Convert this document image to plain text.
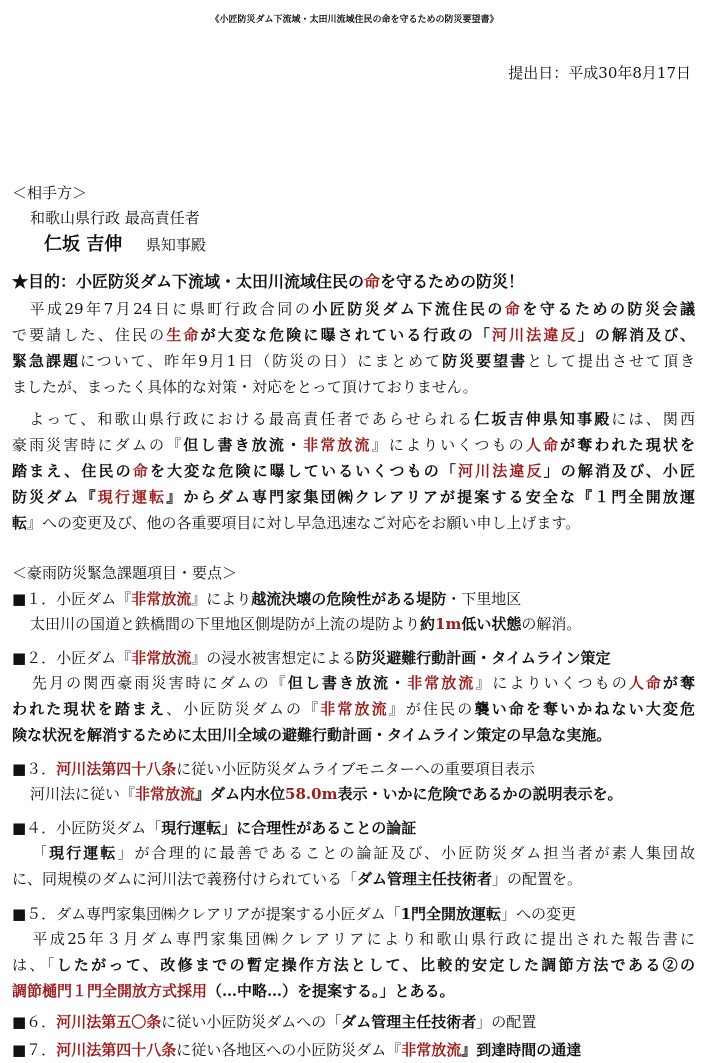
《小匠防災ダム下流域・太田川流域住民の命を守るための防災要望書》
提出日：平成30年8月17日
＜相手方＞
和歌山県行政 最高責任者
仁坂 吉伸 県知事殿
★目的：小匠防災ダム下流域・太田川流域住民の命を守るための防災！
平成29年7月24日に県町行政合同の小匠防災ダム下流住民の命を守るための防災会議
で要請した、住民の生命が大変な危険に曝されている行政の「河川法違反」の解消及び、
緊急課題について、昨年9月1日（防災の日）にまとめて防災要望書として提出させて頂き
ましたが、まったく具体的な対策・対応をとって頂けておりません。
よって、和歌山県行政における最高責任者であらせられる仁坂吉伸県知事殿には、関西
豪雨災害時にダムの『但し書き放流・非常放流』によりいくつもの人命が奪われた現状を
踏まえ、住民の命を大変な危険に曝しているいくつもの「河川法違反」の解消及び、小匠
防災ダム『現行運転』からダム専門家集団㈱クレアリアが提案する安全な『１門全開放運
転』への変更及び、他の各重要項目に対し早急迅速なご対応をお願い申し上げます。
＜豪雨防災緊急課題項目・要点＞
■１．小匠ダム『非常放流』により越流決壊の危険性がある堤防・下里地区
太田川の国道と鉄橋間の下里地区側堤防が上流の堤防より約1m低い状態の解消。
■２．小匠ダム『非常放流』の浸水被害想定による防災避難行動計画・タイムライン策定
先月の関西豪雨災害時にダムの『但し書き放流・非常放流』によりいくつもの人命が奪
われた現状を踏まえ、小匠防災ダムの『非常放流』が住民の襲い命を奪いかねない大変危
険な状況を解消するために太田川全域の避難行動計画・タイムライン策定の早急な実施。
■３．河川法第四十八条に従い小匠防災ダムライブモニターへの重要項目表示
河川法に従い『非常放流』ダム内水位58.0m表示・いかに危険であるかの説明表示を。
■４．小匠防災ダム「現行運転」に合理性があることの論証
「現行運転」が合理的に最善であることの論証及び、小匠防災ダム担当者が素人集団故
に、同規模のダムに河川法で義務付けられている「ダム管理主任技術者」の配置を。
■５．ダム専門家集団㈱クレアリアが提案する小匠ダム「1門全開放運転」への変更
平成25年３月ダム専門家集団㈱クレアリアにより和歌山県行政に提出された報告書に
は、「したがって、改修までの暫定操作方法として、比較的安定した調節方法である②の
調節樋門１門全開放方式採用（…中略…）を提案する。」とある。
■６．河川法第五〇条に従い小匠防災ダムへの「ダム管理主任技術者」の配置
■７．河川法第四十八条に従い各地区への小匠防災ダム『非常放流』到達時間の通達
